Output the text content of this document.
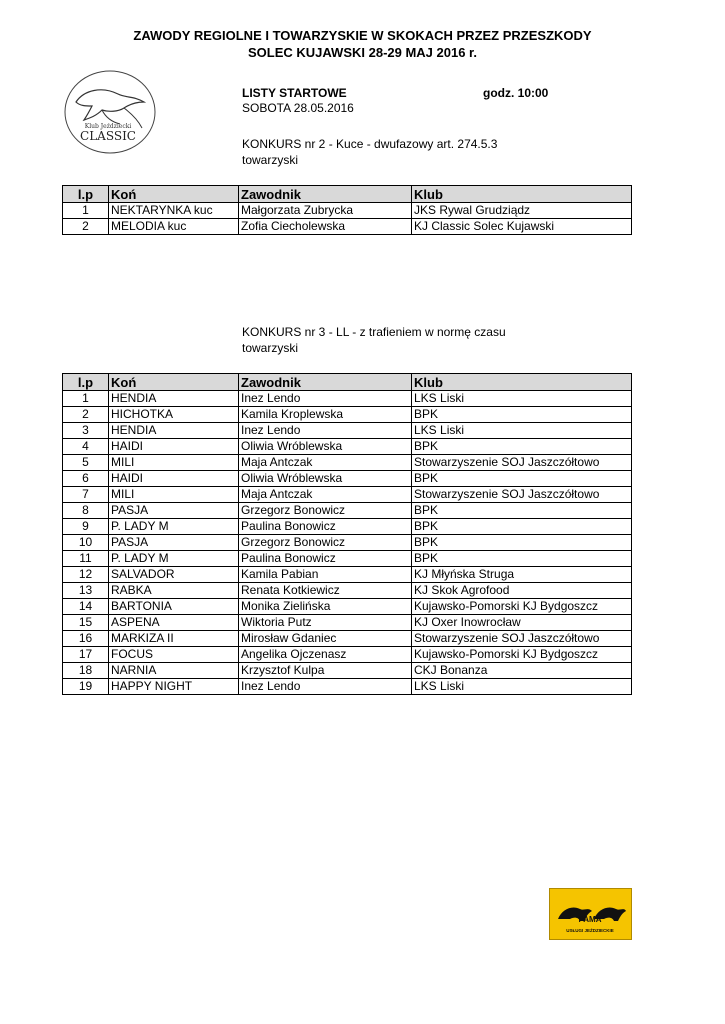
ZAWODY REGIOLNE I TOWARZYSKIE W SKOKACH PRZEZ PRZESZKODY
SOLEC KUJAWSKI 28-29 MAJ 2016 r.
Klub Jeździecki
CLASSIC
LISTY STARTOWE	godz. 10:00
SOBOTA 28.05.2016
KONKURS nr 2 - Kuce - dwufazowy art. 274.5.3
towarzyski
l.p	Koń	Zawodnik	Klub
1	NEKTARYNKA kuc	Małgorzata Zubrycka	JKS Rywal Grudziądz
2	MELODIA kuc	Zofia Ciecholewska	KJ Classic Solec Kujawski
KONKURS nr 3 - LL - z trafieniem w normę czasu
towarzyski
l.p	Koń	Zawodnik	Klub
1	HENDIA	Inez Lendo	LKS Liski
2	HICHOTKA	Kamila Kroplewska	BPK
3	HENDIA	Inez Lendo	LKS Liski
4	HAIDI	Oliwia Wróblewska	BPK
5	MILI	Maja Antczak	Stowarzyszenie SOJ Jaszczółtowo
6	HAIDI	Oliwia Wróblewska	BPK
7	MILI	Maja Antczak	Stowarzyszenie SOJ Jaszczółtowo
8	PASJA	Grzegorz Bonowicz	BPK
9	P. LADY M	Paulina Bonowicz	BPK
10	PASJA	Grzegorz Bonowicz	BPK
11	P. LADY M	Paulina Bonowicz	BPK
12	SALVADOR	Kamila Pabian	KJ Młyńska Struga
13	RABKA	Renata Kotkiewicz	KJ Skok Agrofood
14	BARTONIA	Monika Zielińska	Kujawsko-Pomorski KJ Bydgoszcz
15	ASPENA	Wiktoria Putz	KJ Oxer Inowrocław
16	MARKIZA II	Mirosław Gdaniec	Stowarzyszenie SOJ Jaszczółtowo
17	FOCUS	Angelika Ojczenasz	Kujawsko-Pomorski KJ Bydgoszcz
18	NARNIA	Krzysztof Kulpa	CKJ Bonanza
19	HAPPY NIGHT	Inez Lendo	LKS Liski
PAMA
USŁUGI JEŹDZIECKIE
